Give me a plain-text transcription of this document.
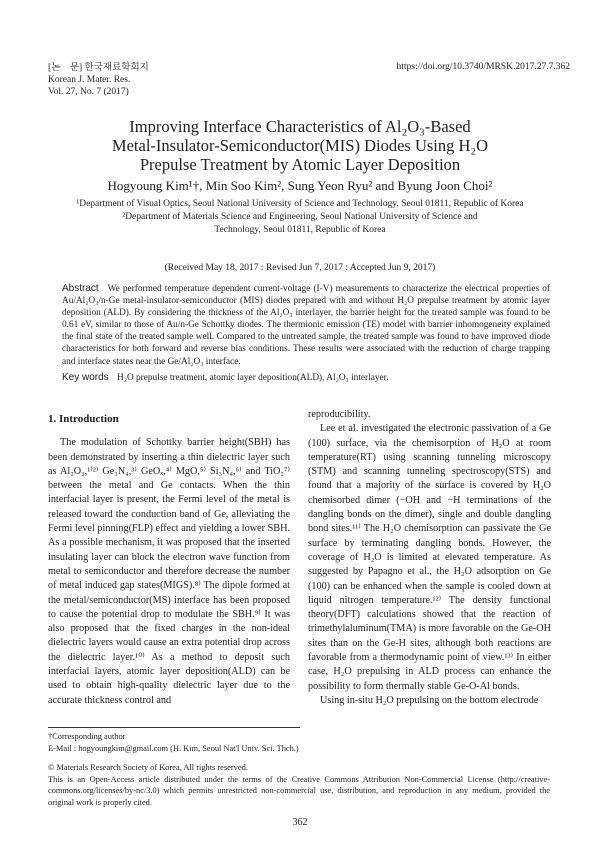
[논　문] 한국재료학회지
Korean J. Mater. Res.
Vol. 27, No. 7 (2017)
https://doi.org/10.3740/MRSK.2017.27.7.362
Improving Interface Characteristics of Al₂O₃-Based
Metal-Insulator-Semiconductor(MIS) Diodes Using H₂O
Prepulse Treatment by Atomic Layer Deposition
Hogyoung Kim¹†, Min Soo Kim², Sung Yeon Ryu² and Byung Joon Choi²
¹Department of Visual Optics, Seoul National University of Science and Technology, Seoul 01811, Republic of Korea
²Department of Materials Science and Engineering, Seoul National University of Science and
Technology, Seoul 01811, Republic of Korea
(Received May 18, 2017 : Revised Jun 7, 2017 : Accepted Jun 9, 2017)
Abstract We performed temperature dependent current-voltage (I-V) measurements to characterize the electrical properties of Au/Al₂O₃/n-Ge metal-insulator-semiconductor (MIS) diodes prepared with and without H₂O prepulse treatment by atomic layer deposition (ALD). By considering the thickness of the Al₂O₃ interlayer, the barrier height for the treated sample was found to be 0.61 eV, similar to those of Au/n-Ge Schottky diodes. The thermionic emission (TE) model with barrier inhomogeneity explained the final state of the treated sample well. Compared to the untreated sample, the treated sample was found to have improved diode characteristics for both forward and reverse bias conditions. These results were associated with the reduction of charge trapping and interface states near the Ge/Al₂O₃ interface.
Key words H₂O prepulse treatment, atomic layer deposition(ALD), Al₂O₃ interlayer.
1. Introduction

The modulation of Schottky barrier height(SBH) has been demonstrated by inserting a thin dielectric layer such as Al₂O₃,¹⁾²⁾ Ge₃N₄,³⁾ GeOₓ,⁴⁾ MgO,⁵⁾ Si₃N₄,⁶⁾ and TiO₂⁷⁾ between the metal and Ge contacts. When the thin interfacial layer is present, the Fermi level of the metal is released toward the conduction band of Ge, alleviating the Fermi level pinning(FLP) effect and yielding a lower SBH. As a possible mechanism, it was proposed that the inserted insulating layer can block the electron wave function from metal to semiconductor and therefore decrease the number of metal induced gap states(MIGS).⁸⁾ The dipole formed at the metal/semiconductor(MS) interface has been proposed to cause the potential drop to modulate the SBH.⁹⁾ It was also proposed that the fixed charges in the non-ideal dielectric layers would cause an extra potential drop across the dielectric layer.¹⁰⁾ As a method to deposit such interfacial layers, atomic layer deposition(ALD) can be used to obtain high-quality dielectric layer due to the accurate thickness control and

reproducibility.

Lee et al. investigated the electronic passivation of a Ge (100) surface, via the chemisorption of H₂O at room temperature(RT) using scanning tunneling microscopy (STM) and scanning tunneling spectroscopy(STS) and found that a majority of the surface is covered by H₂O chemisorbed dimer (−OH and −H terminations of the dangling bonds on the dimer), single and double dangling bond sites.¹¹⁾ The H₂O chemisorption can passivate the Ge surface by terminating dangling bonds. However, the coverage of H₂O is limited at elevated temperature. As suggested by Papagno et al., the H₂O adsorption on Ge (100) can be enhanced when the sample is cooled down at liquid nitrogen temperature.¹²⁾ The density functional theory(DFT) calculations showed that the reaction of trimethylaluminum(TMA) is more favorable on the Ge-OH sites than on the Ge-H sites, although both reactions are favorable from a thermodynamic point of view.¹³⁾ In either case, H₂O prepulsing in ALD process can enhance the possibility to form thermally stable Ge-O-Al bonds.

Using in-situ H₂O prepulsing on the bottom electrode

†Corresponding author

E-Mail : hogyoungkim@gmail.com (H. Kim, Seoul Nat'l Univ. Sci. Thch.)

© Materials Research Society of Korea, All rights reserved.

This is an Open-Access article distributed under the terms of the Creative Commons Attribution Non-Commercial License (http://creative-commons.org/licenses/by-nc/3.0) which permits unrestricted non-commercial use, distribution, and reproduction in any medium, provided the original work is properly cited.

362
